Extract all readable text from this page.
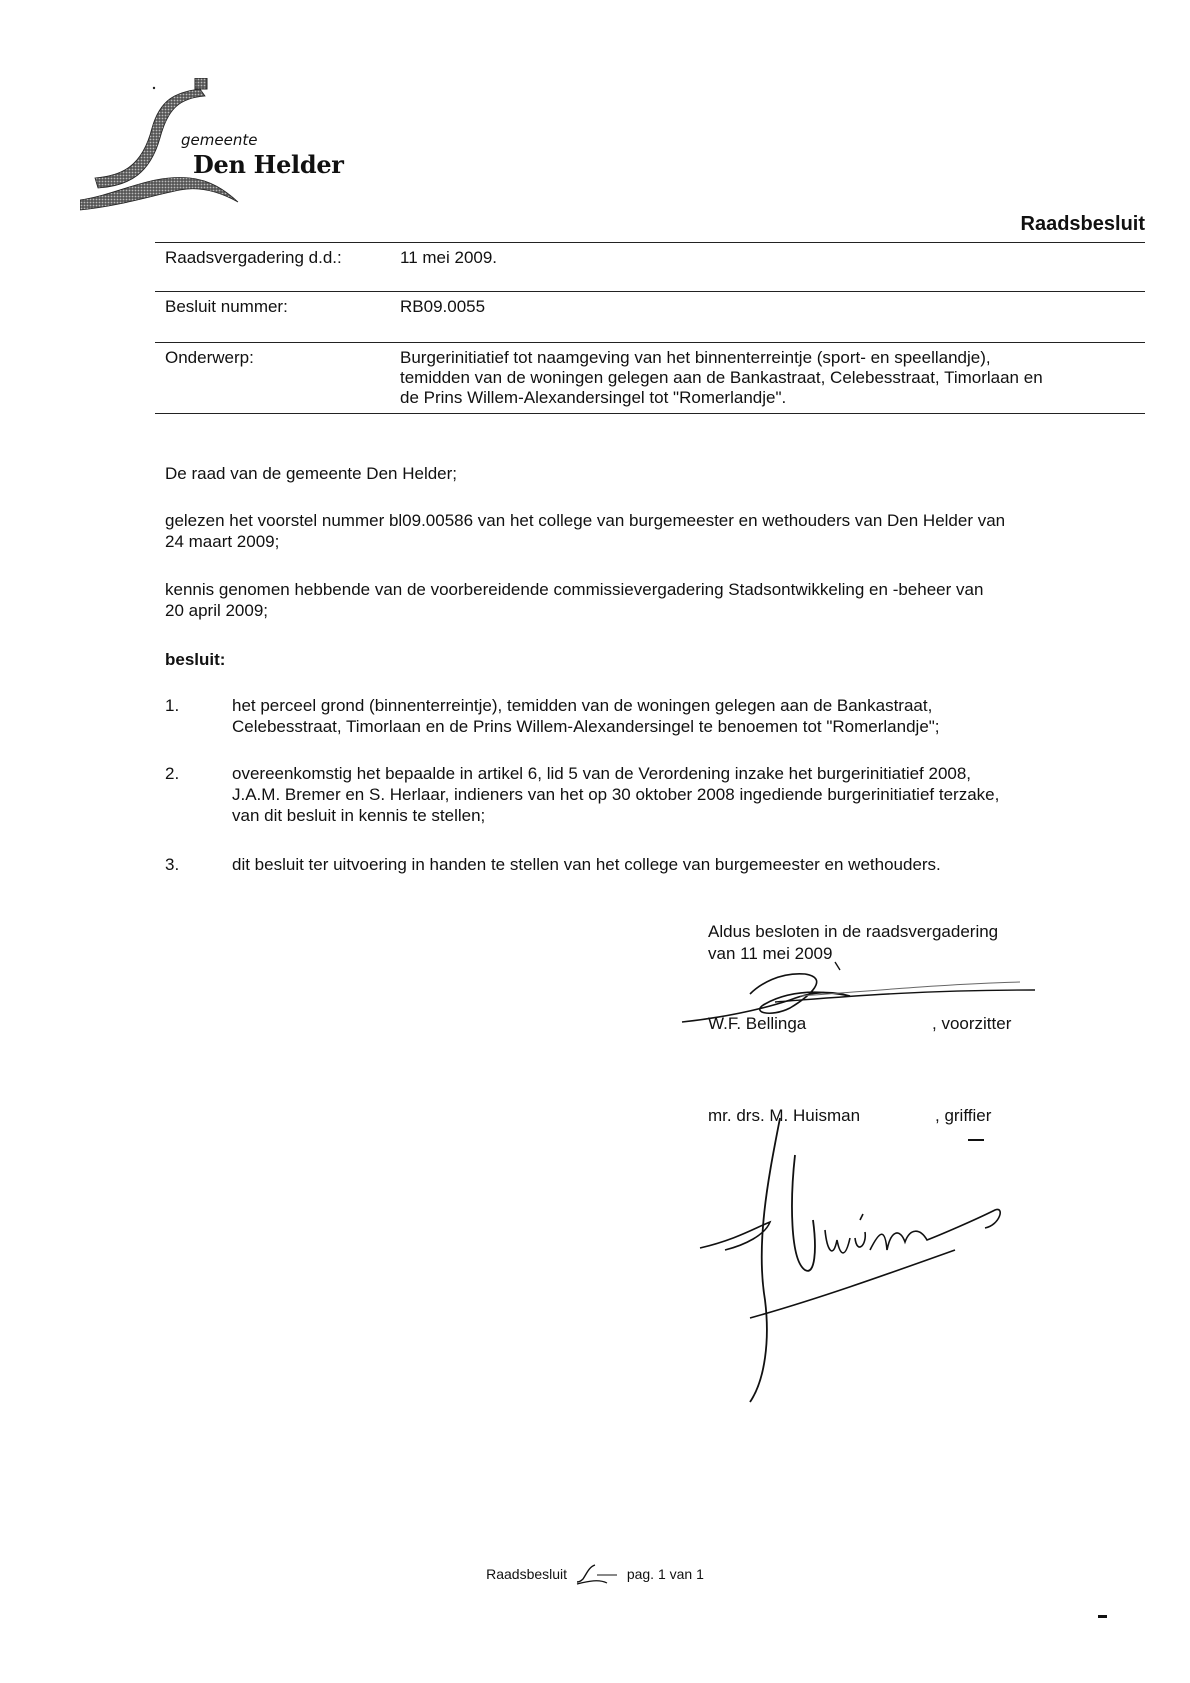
gemeente
Den Helder
Raadsbesluit
Raadsvergadering d.d.:	11 mei 2009.
Besluit nummer:	RB09.0055
Onderwerp:	Burgerinitiatief tot naamgeving van het binnenterreintje (sport- en speellandje),
temidden van de woningen gelegen aan de Bankastraat, Celebesstraat, Timorlaan en
de Prins Willem-Alexandersingel tot "Romerlandje".
De raad van de gemeente Den Helder;
gelezen het voorstel nummer bl09.00586 van het college van burgemeester en wethouders van Den Helder van
24 maart 2009;
kennis genomen hebbende van de voorbereidende commissievergadering Stadsontwikkeling en -beheer van
20 april 2009;
besluit:
1.	het perceel grond (binnenterreintje), temidden van de woningen gelegen aan de Bankastraat,
Celebesstraat, Timorlaan en de Prins Willem-Alexandersingel te benoemen tot "Romerlandje";
2.	overeenkomstig het bepaalde in artikel 6, lid 5 van de Verordening inzake het burgerinitiatief 2008,
J.A.M. Bremer en S. Herlaar, indieners van het op 30 oktober 2008 ingediende burgerinitiatief terzake,
van dit besluit in kennis te stellen;
3.	dit besluit ter uitvoering in handen te stellen van het college van burgemeester en wethouders.
Aldus besloten in de raadsvergadering
van 11 mei 2009
W.F. Bellinga	, voorzitter
mr. drs. M. Huisman	, griffier
Raadsbesluit	pag. 1 van 1
